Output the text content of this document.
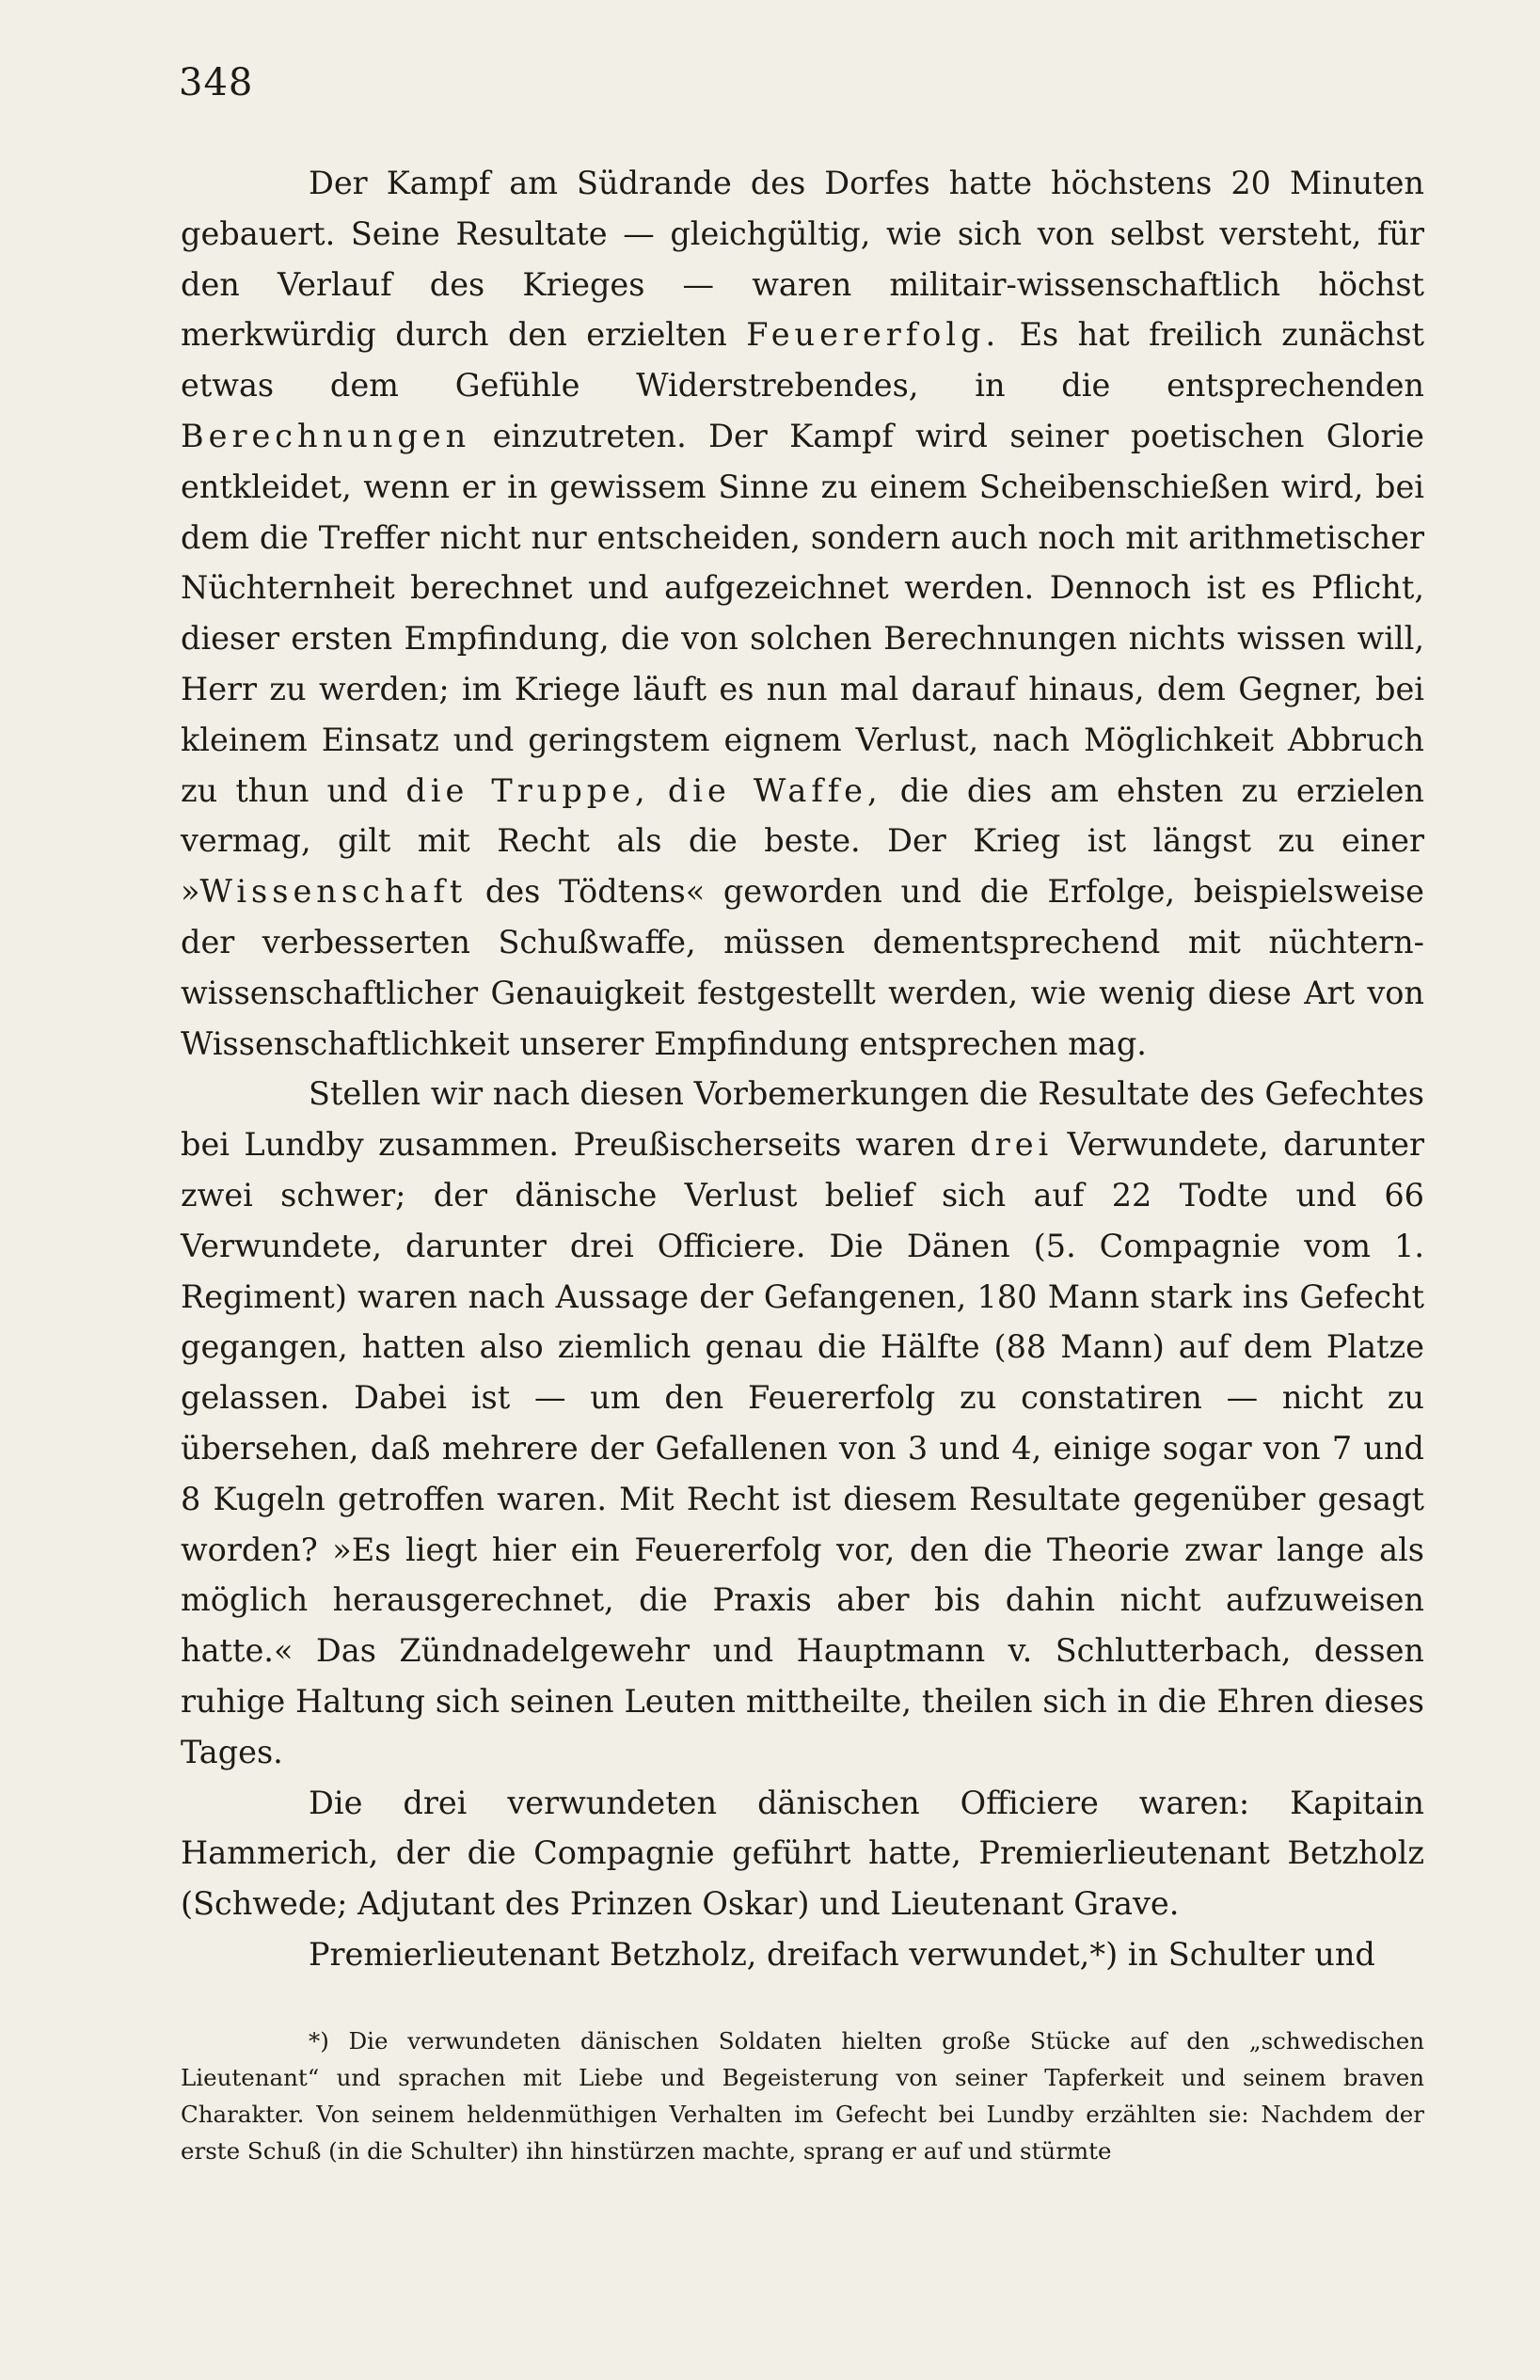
348

Der Kampf am Südrande des Dorfes hatte höchstens 20 Minuten gebauert. Seine Resultate — gleichgültig, wie sich von selbst versteht, für den Verlauf des Krieges — waren militair-wissenschaftlich höchst merkwürdig durch den erzielten Feuererfolg. Es hat freilich zunächst etwas dem Gefühle Widerstrebendes, in die entsprechenden Berechnungen einzutreten. Der Kampf wird seiner poetischen Glorie entkleidet, wenn er in gewissem Sinne zu einem Scheibenschießen wird, bei dem die Treffer nicht nur entscheiden, sondern auch noch mit arithmetischer Nüchternheit berechnet und aufgezeichnet werden. Dennoch ist es Pflicht, dieser ersten Empfindung, die von solchen Berechnungen nichts wissen will, Herr zu werden; im Kriege läuft es nun mal darauf hinaus, dem Gegner, bei kleinem Einsatz und geringstem eignem Verlust, nach Möglichkeit Abbruch zu thun und die Truppe, die Waffe, die dies am ehsten zu erzielen vermag, gilt mit Recht als die beste. Der Krieg ist längst zu einer »Wissenschaft des Tödtens« geworden und die Erfolge, beispielsweise der verbesserten Schußwaffe, müssen dementsprechend mit nüchtern-wissenschaftlicher Genauigkeit festgestellt werden, wie wenig diese Art von Wissenschaftlichkeit unserer Empfindung entsprechen mag.

Stellen wir nach diesen Vorbemerkungen die Resultate des Gefechtes bei Lundby zusammen. Preußischerseits waren drei Verwundete, darunter zwei schwer; der dänische Verlust belief sich auf 22 Todte und 66 Verwundete, darunter drei Officiere. Die Dänen (5. Compagnie vom 1. Regiment) waren nach Aussage der Gefangenen, 180 Mann stark ins Gefecht gegangen, hatten also ziemlich genau die Hälfte (88 Mann) auf dem Platze gelassen. Dabei ist — um den Feuererfolg zu constatiren — nicht zu übersehen, daß mehrere der Gefallenen von 3 und 4, einige sogar von 7 und 8 Kugeln getroffen waren. Mit Recht ist diesem Resultate gegenüber gesagt worden? »Es liegt hier ein Feuererfolg vor, den die Theorie zwar lange als möglich herausgerechnet, die Praxis aber bis dahin nicht aufzuweisen hatte.« Das Zündnadelgewehr und Hauptmann v. Schlutterbach, dessen ruhige Haltung sich seinen Leuten mittheilte, theilen sich in die Ehren dieses Tages.

Die drei verwundeten dänischen Officiere waren: Kapitain Hammerich, der die Compagnie geführt hatte, Premierlieutenant Betzholz (Schwede; Adjutant des Prinzen Oskar) und Lieutenant Grave.

Premierlieutenant Betzholz, dreifach verwundet,*) in Schulter und

*) Die verwundeten dänischen Soldaten hielten große Stücke auf den „schwedischen Lieutenant“ und sprachen mit Liebe und Begeisterung von seiner Tapferkeit und seinem braven Charakter. Von seinem heldenmüthigen Verhalten im Gefecht bei Lundby erzählten sie: Nachdem der erste Schuß (in die Schulter) ihn hinstürzen machte, sprang er auf und stürmte
